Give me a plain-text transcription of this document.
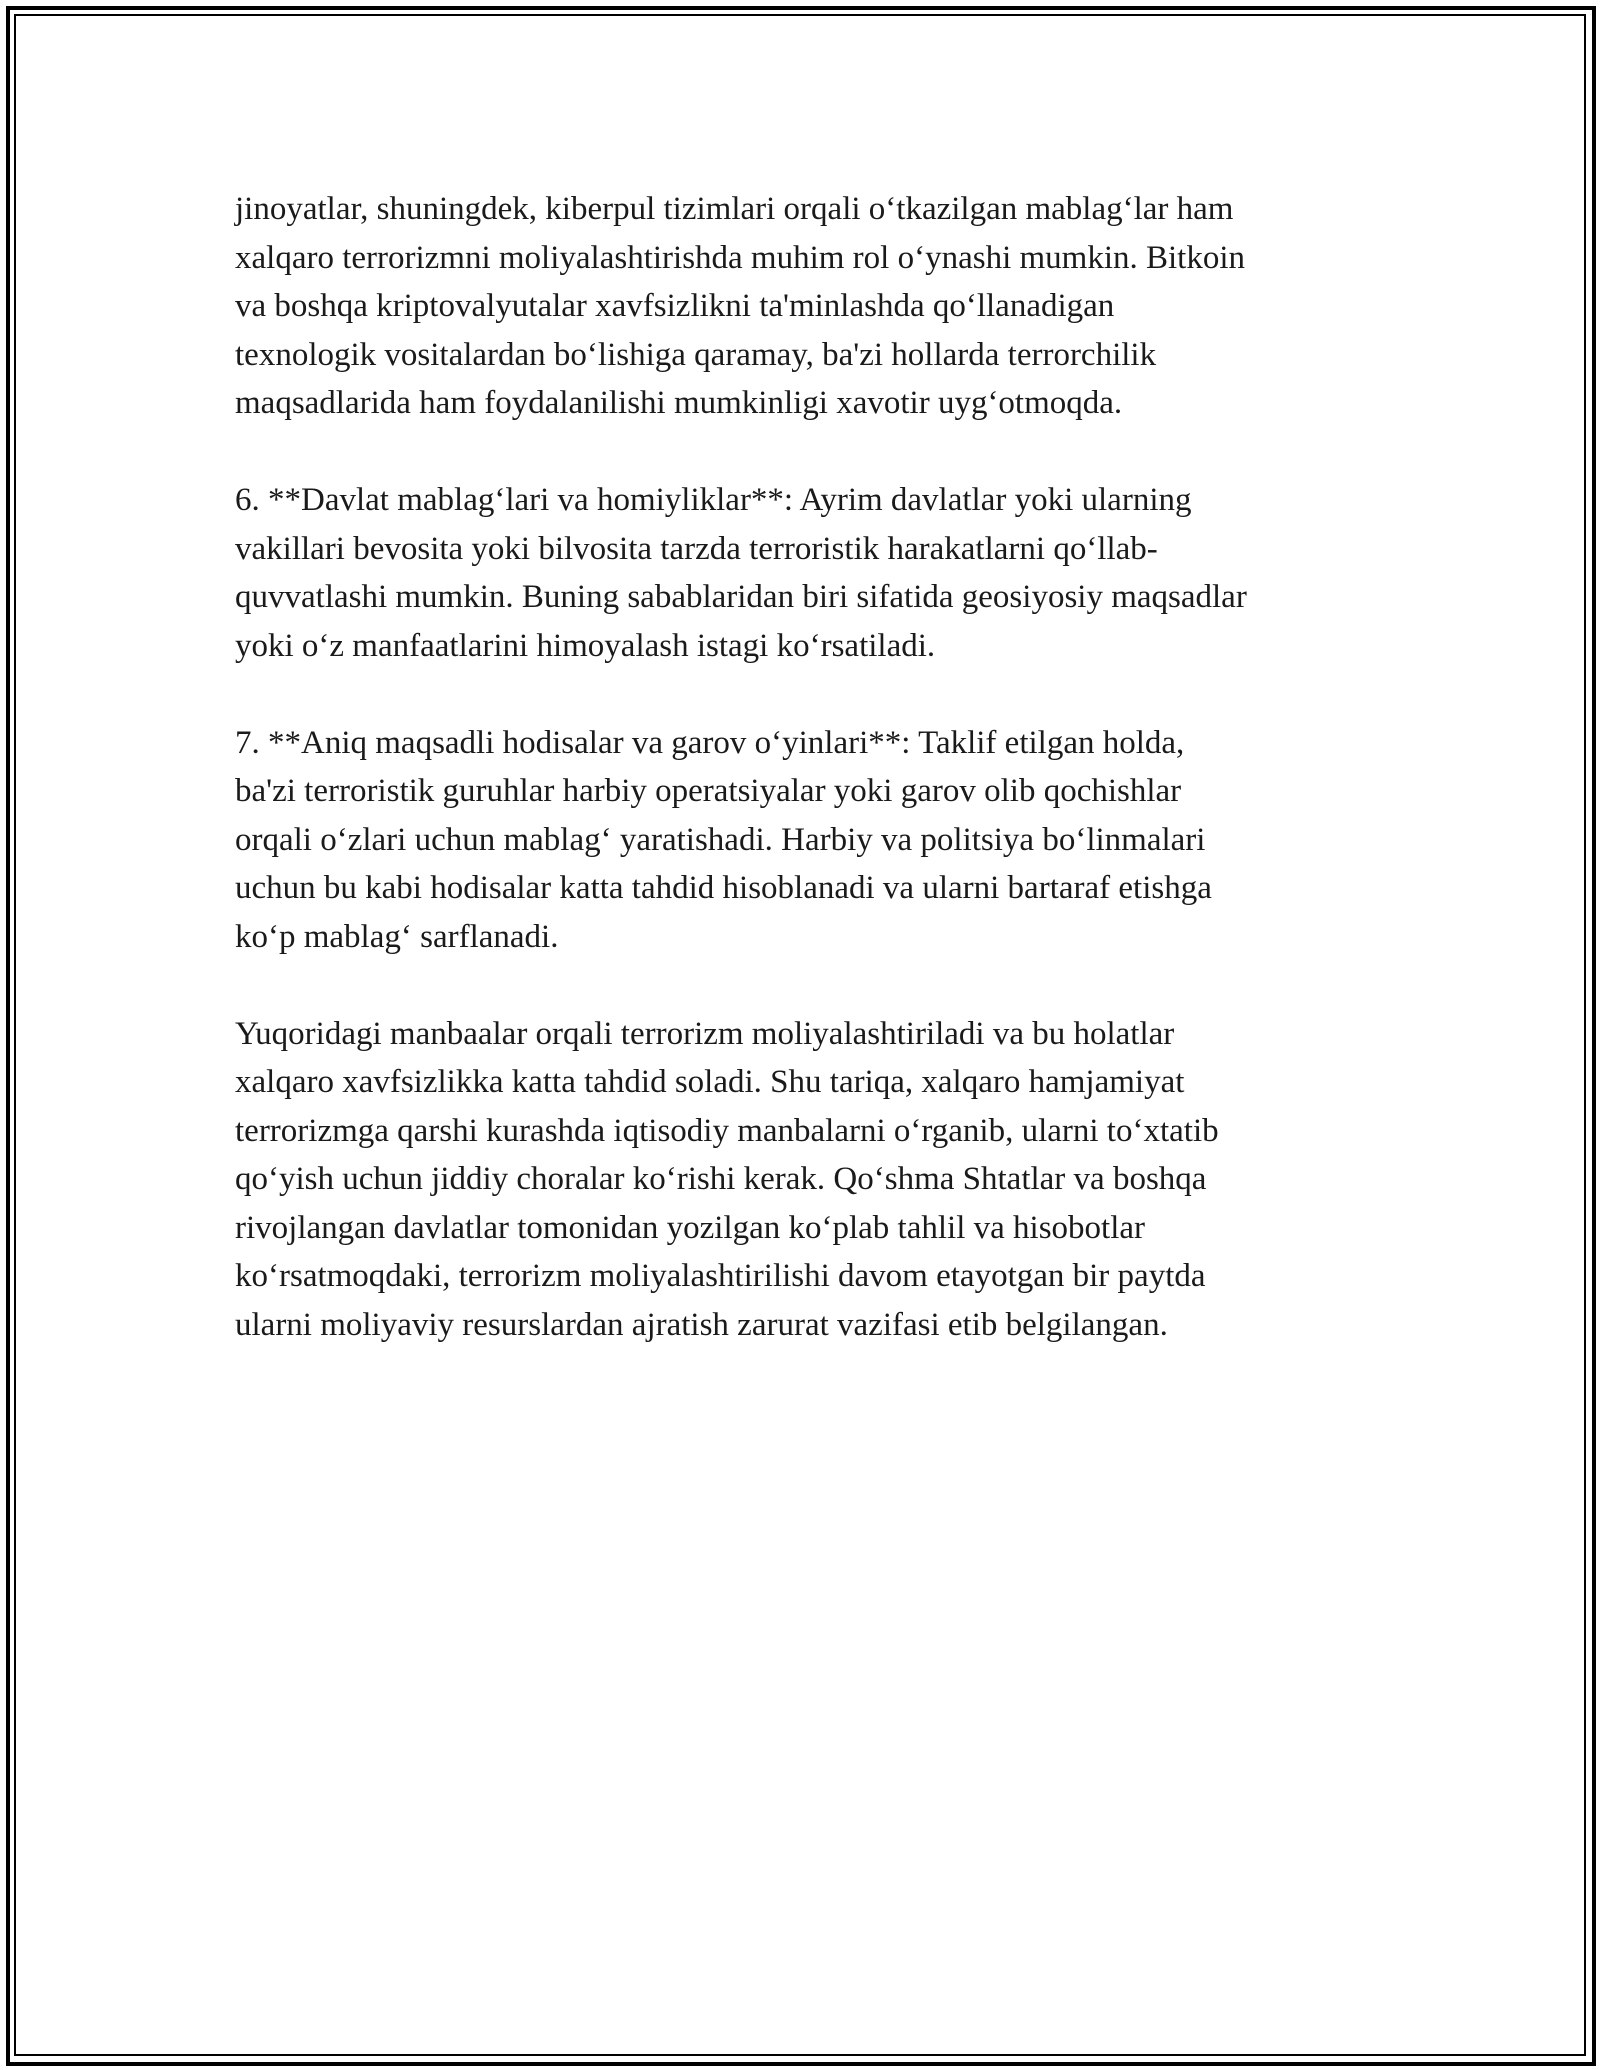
jinoyatlar, shuningdek, kiberpul tizimlari orqali o‘tkazilgan mablag‘lar ham
xalqaro terrorizmni moliyalashtirishda muhim rol o‘ynashi mumkin. Bitkoin
va boshqa kriptovalyutalar xavfsizlikni ta'minlashda qo‘llanadigan
texnologik vositalardan bo‘lishiga qaramay, ba'zi hollarda terrorchilik
maqsadlarida ham foydalanilishi mumkinligi xavotir uyg‘otmoqda.

6. **Davlat mablag‘lari va homiyliklar**: Ayrim davlatlar yoki ularning
vakillari bevosita yoki bilvosita tarzda terroristik harakatlarni qo‘llab-
quvvatlashi mumkin. Buning sabablaridan biri sifatida geosiyosiy maqsadlar
yoki o‘z manfaatlarini himoyalash istagi ko‘rsatiladi.

7. **Aniq maqsadli hodisalar va garov o‘yinlari**: Taklif etilgan holda,
ba'zi terroristik guruhlar harbiy operatsiyalar yoki garov olib qochishlar
orqali o‘zlari uchun mablag‘ yaratishadi. Harbiy va politsiya bo‘linmalari
uchun bu kabi hodisalar katta tahdid hisoblanadi va ularni bartaraf etishga
ko‘p mablag‘ sarflanadi.

Yuqoridagi manbaalar orqali terrorizm moliyalashtiriladi va bu holatlar
xalqaro xavfsizlikka katta tahdid soladi. Shu tariqa, xalqaro hamjamiyat
terrorizmga qarshi kurashda iqtisodiy manbalarni o‘rganib, ularni to‘xtatib
qo‘yish uchun jiddiy choralar ko‘rishi kerak. Qo‘shma Shtatlar va boshqa
rivojlangan davlatlar tomonidan yozilgan ko‘plab tahlil va hisobotlar
ko‘rsatmoqdaki, terrorizm moliyalashtirilishi davom etayotgan bir paytda
ularni moliyaviy resurslardan ajratish zarurat vazifasi etib belgilangan.
